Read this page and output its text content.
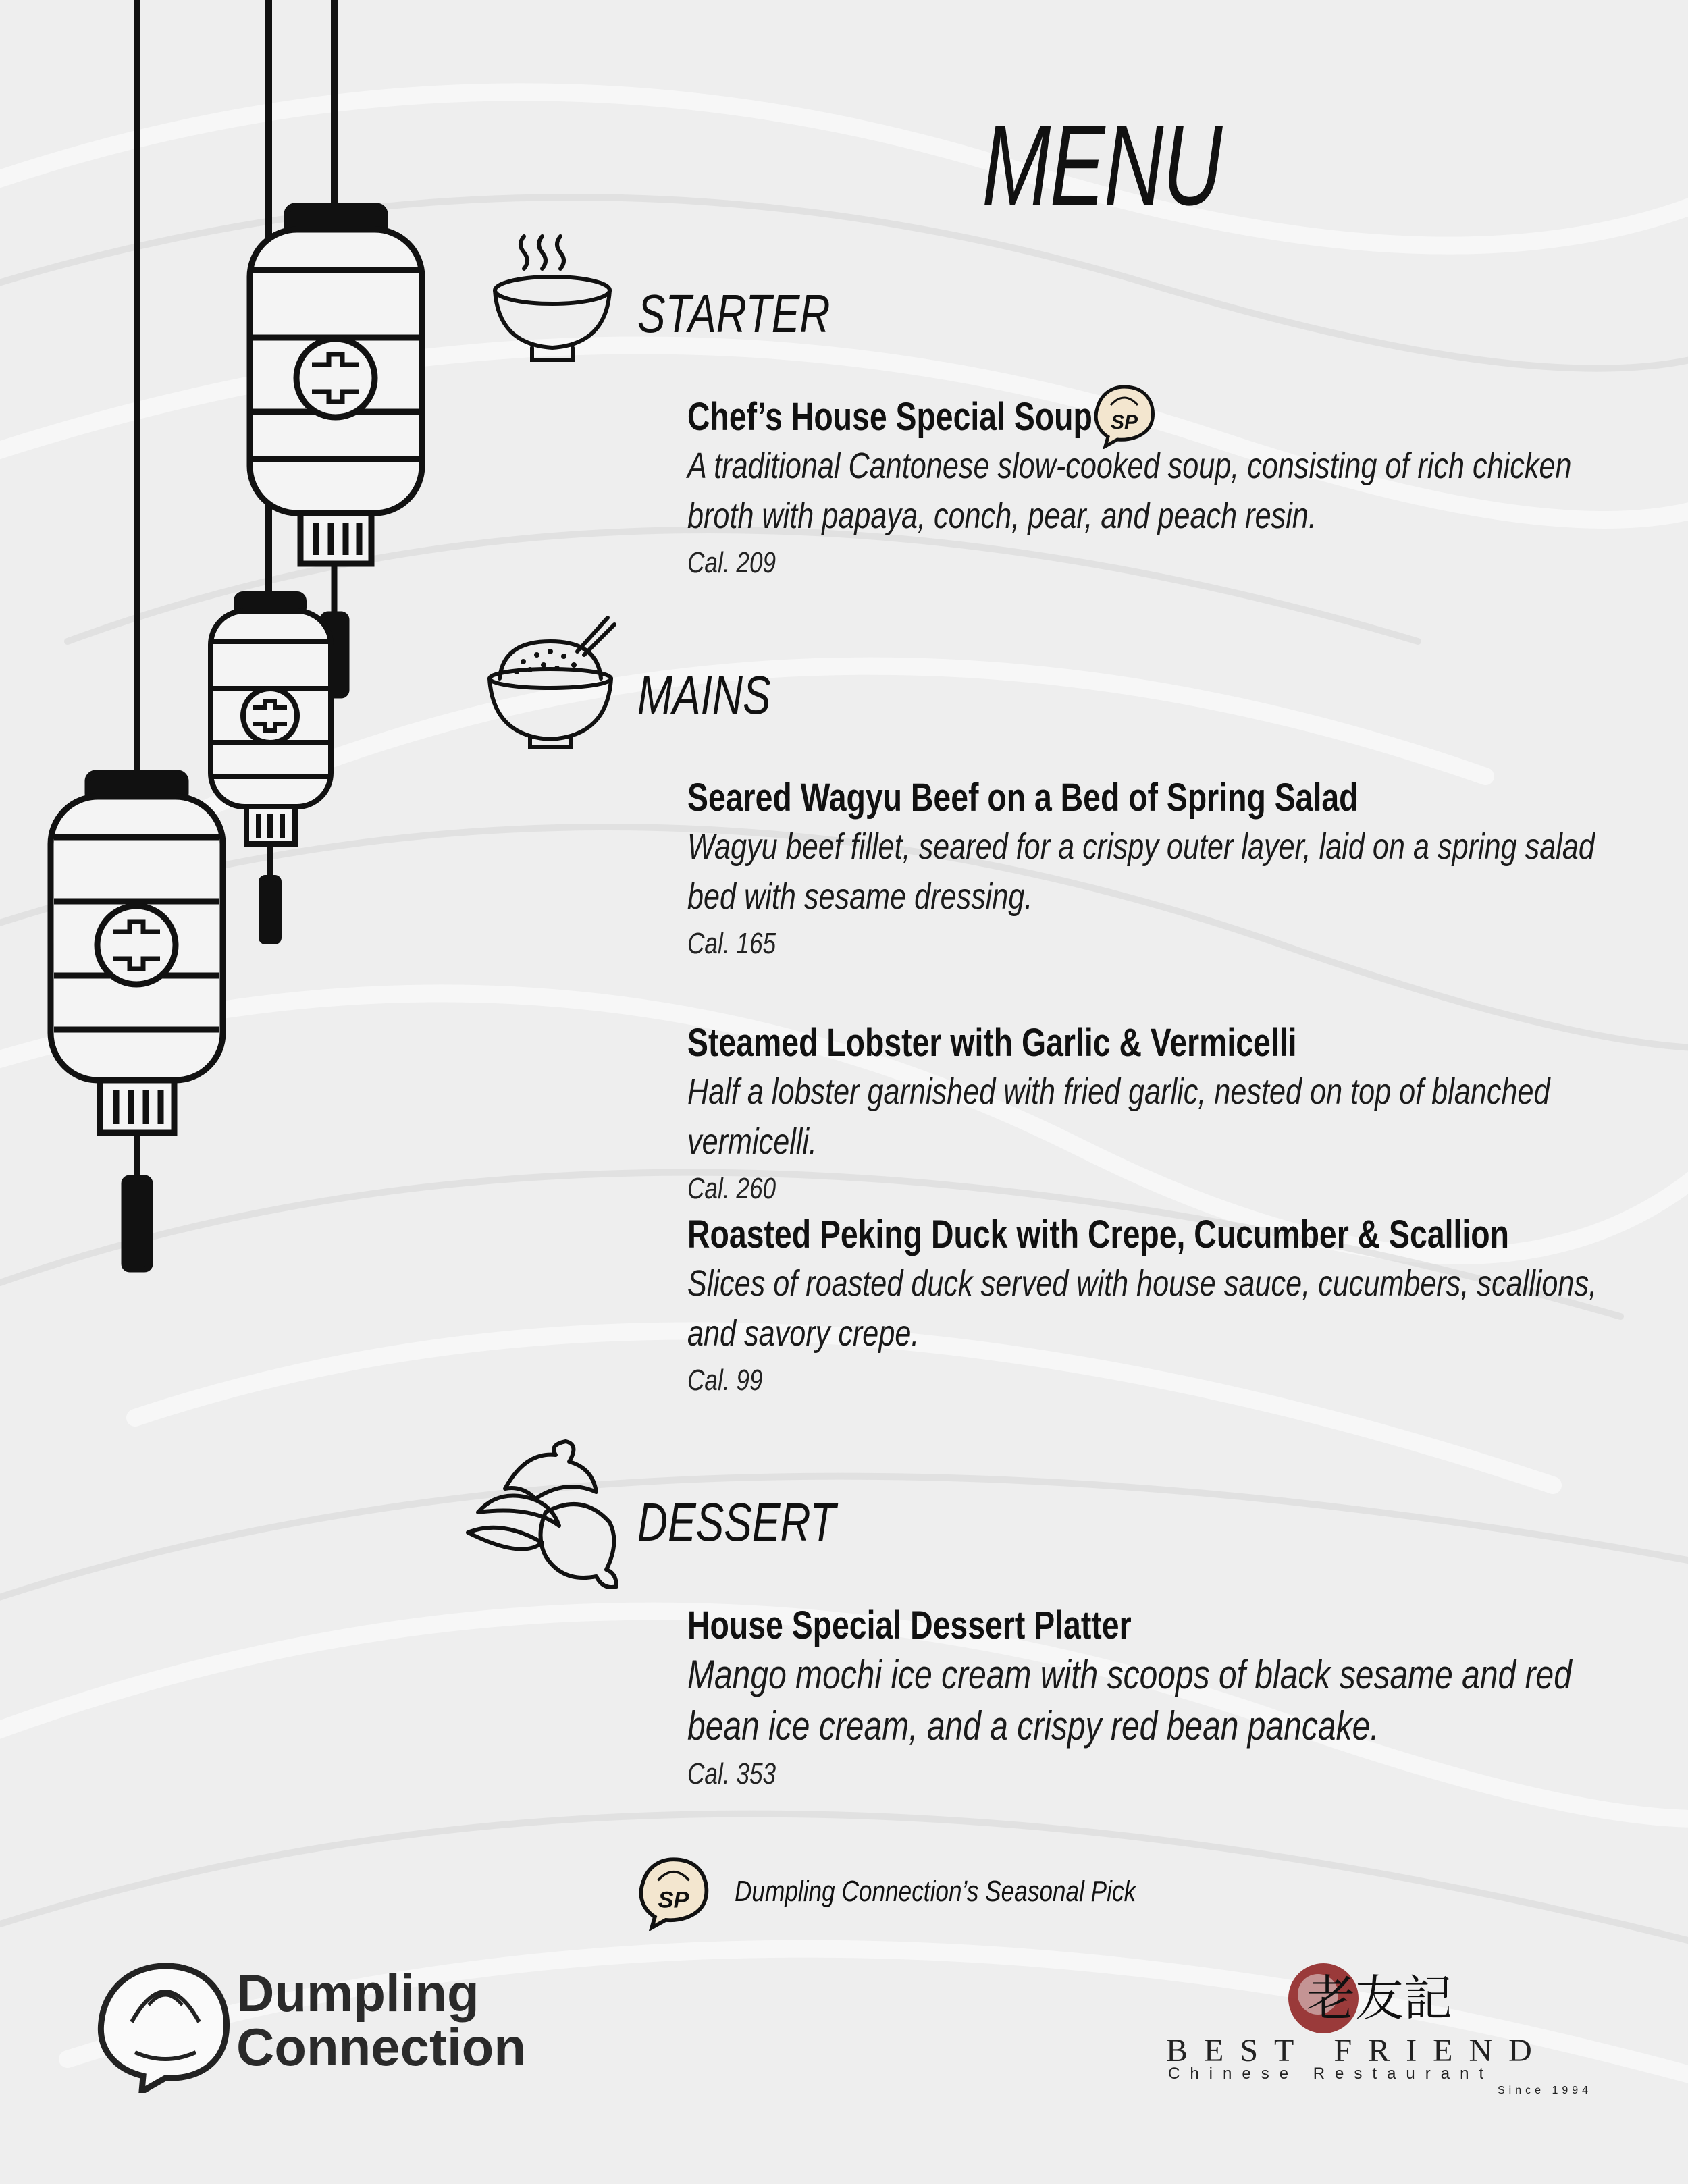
MENU
STARTER
Chef’s House Special Soup
A traditional Cantonese slow-cooked soup, consisting of rich chicken broth with papaya, conch, pear, and peach resin.
Cal. 209
SP
MAINS
Seared Wagyu Beef on a Bed of Spring Salad
Wagyu beef fillet, seared for a crispy outer layer, laid on a spring salad bed with sesame dressing.
Cal. 165
Steamed Lobster with Garlic & Vermicelli
Half a lobster garnished with fried garlic, nested on top of blanched vermicelli.
Cal. 260
Roasted Peking Duck with Crepe, Cucumber & Scallion
Slices of roasted duck served with house sauce, cucumbers, scallions, and savory crepe.
Cal. 99
DESSERT
House Special Dessert Platter
Mango mochi ice cream with scoops of black sesame and red bean ice cream, and a crispy red bean pancake.
Cal. 353
SP Dumpling Connection’s Seasonal Pick
Dumpling
Connection
老友記
BEST FRIEND
Chinese Restaurant
Since 1994
